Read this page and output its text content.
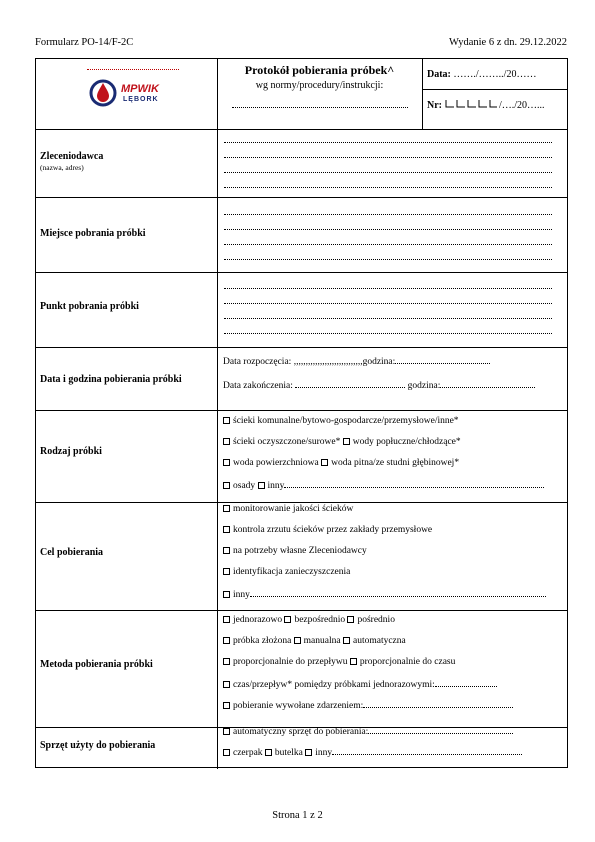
Formularz PO-14/F-2C	Wydanie 6 z dn. 29.12.2022
MPWIK
LĘBORK
Protokół pobierania próbek^
wg normy/procedury/instrukcji:
Data: ……./……../20……
Nr:	/…./20…...
Zleceniodawca
(nazwa, adres)
Miejsce pobrania próbki
Punkt pobrania próbki
Data i godzina pobierania próbki
Data rozpoczęcia: ,,,,,,,,,,,,,,,,,,,,,,,,,,,,,godzina:
Data zakończenia:	godzina:
Rodzaj próbki
ścieki komunalne/bytowo-gospodarcze/przemysłowe/inne*
ścieki oczyszczone/surowe* wody popłuczne/chłodzące*
woda powierzchniowa woda pitna/ze studni głębinowej*
osady inny
Cel pobierania
monitorowanie jakości ścieków
kontrola zrzutu ścieków przez zakłady przemysłowe
na potrzeby własne Zleceniodawcy
identyfikacja zanieczyszczenia
inny
Metoda pobierania próbki
jednorazowo bezpośrednio pośrednio
próbka złożona manualna automatyczna
proporcjonalnie do przepływu proporcjonalnie do czasu
czas/przepływ* pomiędzy próbkami jednorazowymi:
pobieranie wywołane zdarzeniem:
Sprzęt użyty do pobierania
automatyczny sprzęt do pobierania:
czerpak butelka inny
Strona 1 z 2
